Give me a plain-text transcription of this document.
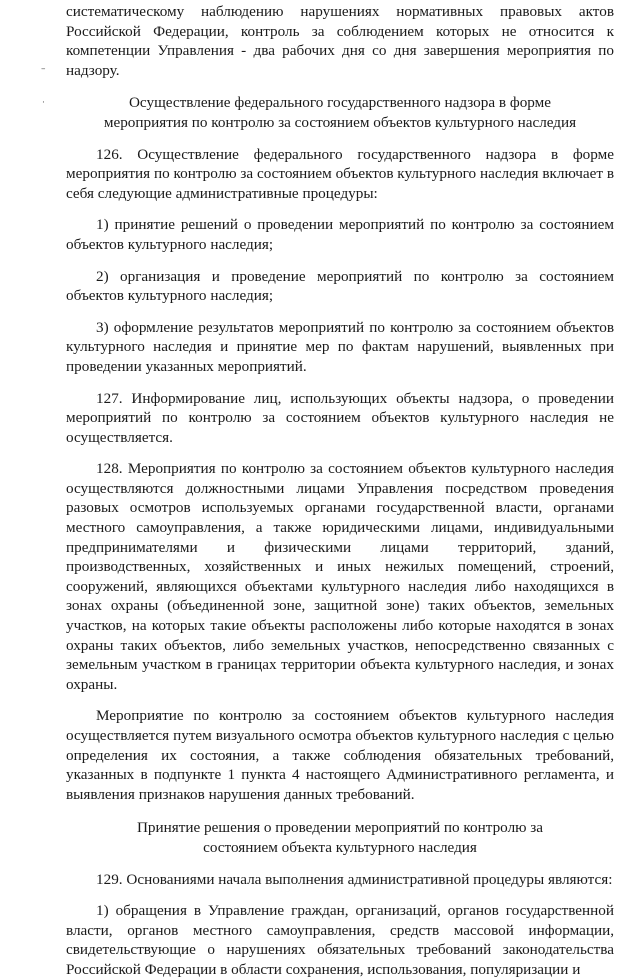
–
·

систематическому наблюдению нарушениях нормативных правовых актов Российской Федерации, контроль за соблюдением которых не относится к компетенции Управления - два рабочих дня со дня завершения мероприятия по надзору.

Осуществление федерального государственного надзора в форме мероприятия по контролю за состоянием объектов культурного наследия

126. Осуществление федерального государственного надзора в форме мероприятия по контролю за состоянием объектов культурного наследия включает в себя следующие административные процедуры:

1) принятие решений о проведении мероприятий по контролю за состоянием объектов культурного наследия;

2) организация и проведение мероприятий по контролю за состоянием объектов культурного наследия;

3) оформление результатов мероприятий по контролю за состоянием объектов культурного наследия и принятие мер по фактам нарушений, выявленных при проведении указанных мероприятий.

127. Информирование лиц, использующих объекты надзора, о проведении мероприятий по контролю за состоянием объектов культурного наследия не осуществляется.

128. Мероприятия по контролю за состоянием объектов культурного наследия осуществляются должностными лицами Управления посредством проведения разовых осмотров используемых органами государственной власти, органами местного самоуправления, а также юридическими лицами, индивидуальными предпринимателями и физическими лицами территорий, зданий, производственных, хозяйственных и иных нежилых помещений, строений, сооружений, являющихся объектами культурного наследия либо находящихся в зонах охраны (объединенной зоне, защитной зоне) таких объектов, земельных участков, на которых такие объекты расположены либо которые находятся в зонах охраны таких объектов, либо земельных участков, непосредственно связанных с земельным участком в границах территории объекта культурного наследия, и зонах охраны.

Мероприятие по контролю за состоянием объектов культурного наследия осуществляется путем визуального осмотра объектов культурного наследия с целью определения их состояния, а также соблюдения обязательных требований, указанных в подпункте 1 пункта 4 настоящего Административного регламента, и выявления признаков нарушения данных требований.

Принятие решения о проведении мероприятий по контролю за состоянием объекта культурного наследия

129. Основаниями начала выполнения административной процедуры являются:

1) обращения в Управление граждан, организаций, органов государственной власти, органов местного самоуправления, средств массовой информации, свидетельствующие о нарушениях обязательных требований законодательства Российской Федерации в области сохранения, использования, популяризации и
